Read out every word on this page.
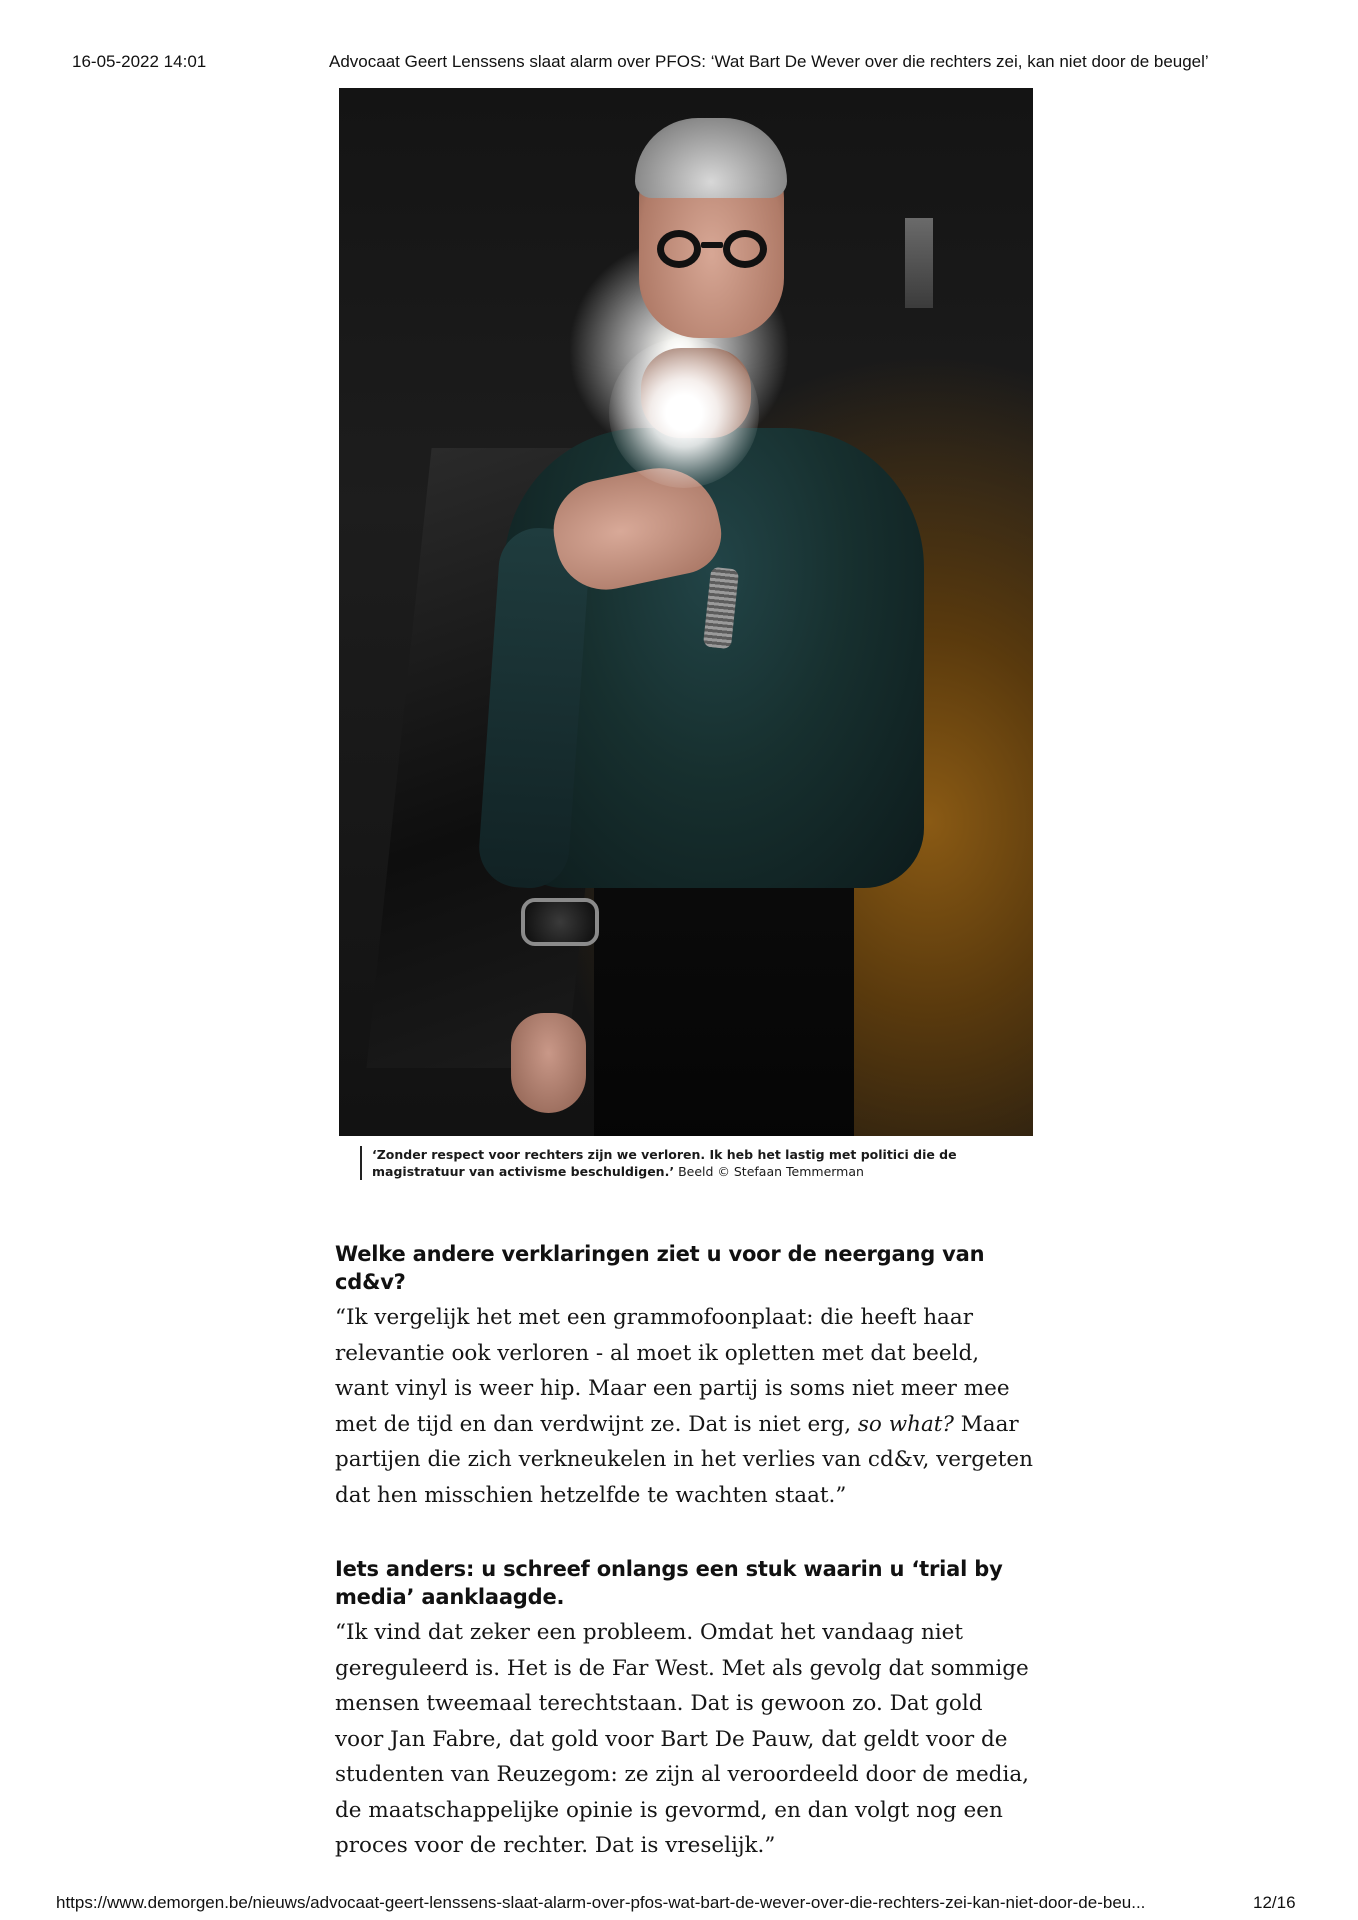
16-05-2022 14:01	Advocaat Geert Lenssens slaat alarm over PFOS: ‘Wat Bart De Wever over die rechters zei, kan niet door de beugel’
‘Zonder respect voor rechters zijn we verloren. Ik heb het lastig met politici die de magistratuur van activisme beschuldigen.’ Beeld © Stefaan Temmerman

Welke andere verklaringen ziet u voor de neergang van cd&v?

“Ik vergelijk het met een grammofoonplaat: die heeft haar relevantie ook verloren - al moet ik opletten met dat beeld, want vinyl is weer hip. Maar een partij is soms niet meer mee met de tijd en dan verdwijnt ze. Dat is niet erg, so what? Maar partijen die zich verkneukelen in het verlies van cd&v, vergeten dat hen misschien hetzelfde te wachten staat.”

Iets anders: u schreef onlangs een stuk waarin u ‘trial by media’ aanklaagde.

“Ik vind dat zeker een probleem. Omdat het vandaag niet gereguleerd is. Het is de Far West. Met als gevolg dat sommige mensen tweemaal terechtstaan. Dat is gewoon zo. Dat gold voor Jan Fabre, dat gold voor Bart De Pauw, dat geldt voor de studenten van Reuzegom: ze zijn al veroordeeld door de media, de maatschappelijke opinie is gevormd, en dan volgt nog een proces voor de rechter. Dat is vreselijk.”

https://www.demorgen.be/nieuws/advocaat-geert-lenssens-slaat-alarm-over-pfos-wat-bart-de-wever-over-die-rechters-zei-kan-niet-door-de-beu...	12/16
